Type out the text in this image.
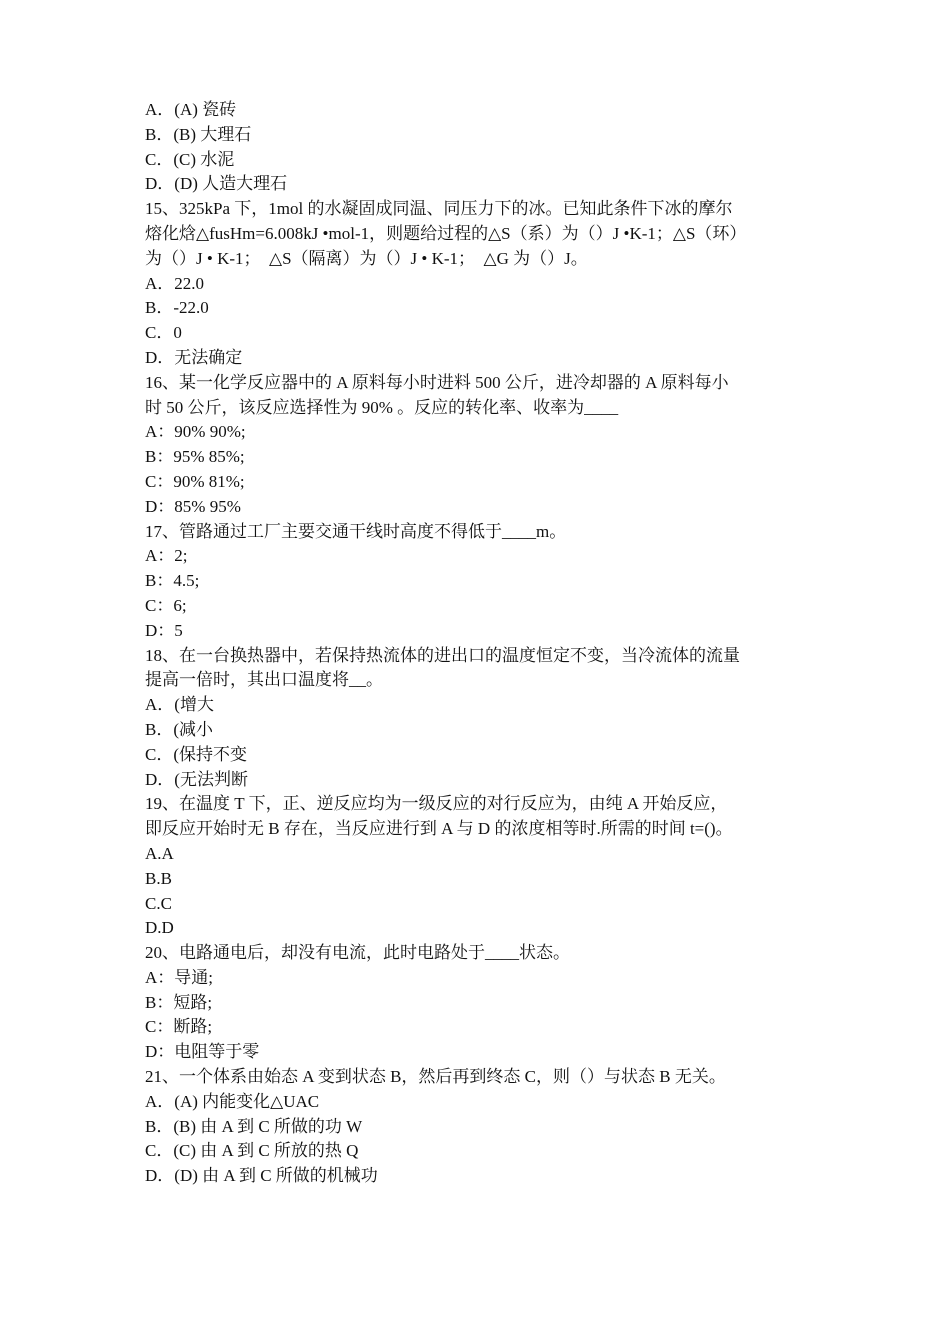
A．(A) 瓷砖
B．(B) 大理石
C．(C) 水泥
D．(D) 人造大理石
15、325kPa 下，1mol 的水凝固成同温、同压力下的冰。已知此条件下冰的摩尔
熔化焓△fusHm=6.008kJ •mol-1，则题给过程的△S（系）为（）J •K-1；△S（环）
为（）J • K-1；  △S（隔离）为（）J • K-1；  △G 为（）J。
A．22.0
B．-22.0
C．0
D．无法确定
16、某一化学反应器中的 A 原料每小时进料 500 公斤，进冷却器的 A 原料每小
时 50 公斤，该反应选择性为 90% 。反应的转化率、收率为____
A：90% 90%;
B：95% 85%;
C：90% 81%;
D：85% 95%
17、管路通过工厂主要交通干线时高度不得低于____m。
A：2;
B：4.5;
C：6;
D：5
18、在一台换热器中，若保持热流体的进出口的温度恒定不变，当冷流体的流量
提高一倍时，其出口温度将__。
A．(增大
B．(减小
C．(保持不变
D．(无法判断
19、在温度 T 下，正、逆反应均为一级反应的对行反应为，由纯 A 开始反应，
即反应开始时无 B 存在，当反应进行到 A 与 D 的浓度相等时.所需的时间 t=()。
A.A
B.B
C.C
D.D
20、电路通电后，却没有电流，此时电路处于____状态。
A：导通;
B：短路;
C：断路;
D：电阻等于零
21、一个体系由始态 A 变到状态 B，然后再到终态 C，则（）与状态 B 无关。
A．(A) 内能变化△UAC
B．(B) 由 A 到 C 所做的功 W
C．(C) 由 A 到 C 所放的热 Q
D．(D) 由 A 到 C 所做的机械功
